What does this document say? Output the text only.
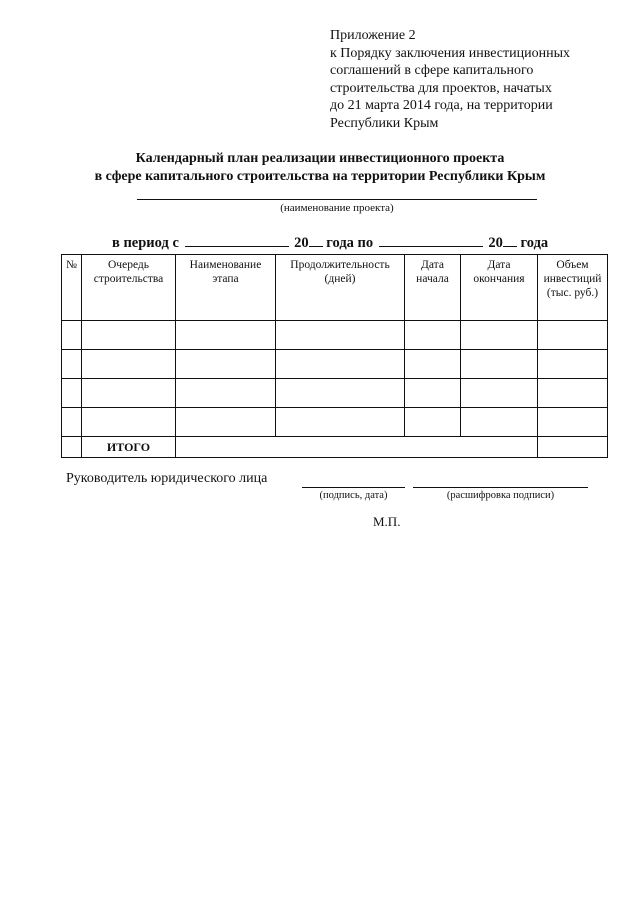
Приложение 2
к Порядку заключения инвестиционных
соглашений в сфере капитального
строительства для проектов, начатых
до 21 марта 2014 года, на территории
Республики Крым
Календарный план реализации инвестиционного проекта
в сфере капитального строительства на территории Республики Крым
(наименование проекта)
в период с	20 года по	20 года
№	Очередь строительства	Наименование этапа	Продолжительность (дней)	Дата начала	Дата окончания	Объем инвестиций (тыс. руб.)

	ИТОГО					
Руководитель юридического лица
(подпись, дата)	(расшифровка подписи)
М.П.
